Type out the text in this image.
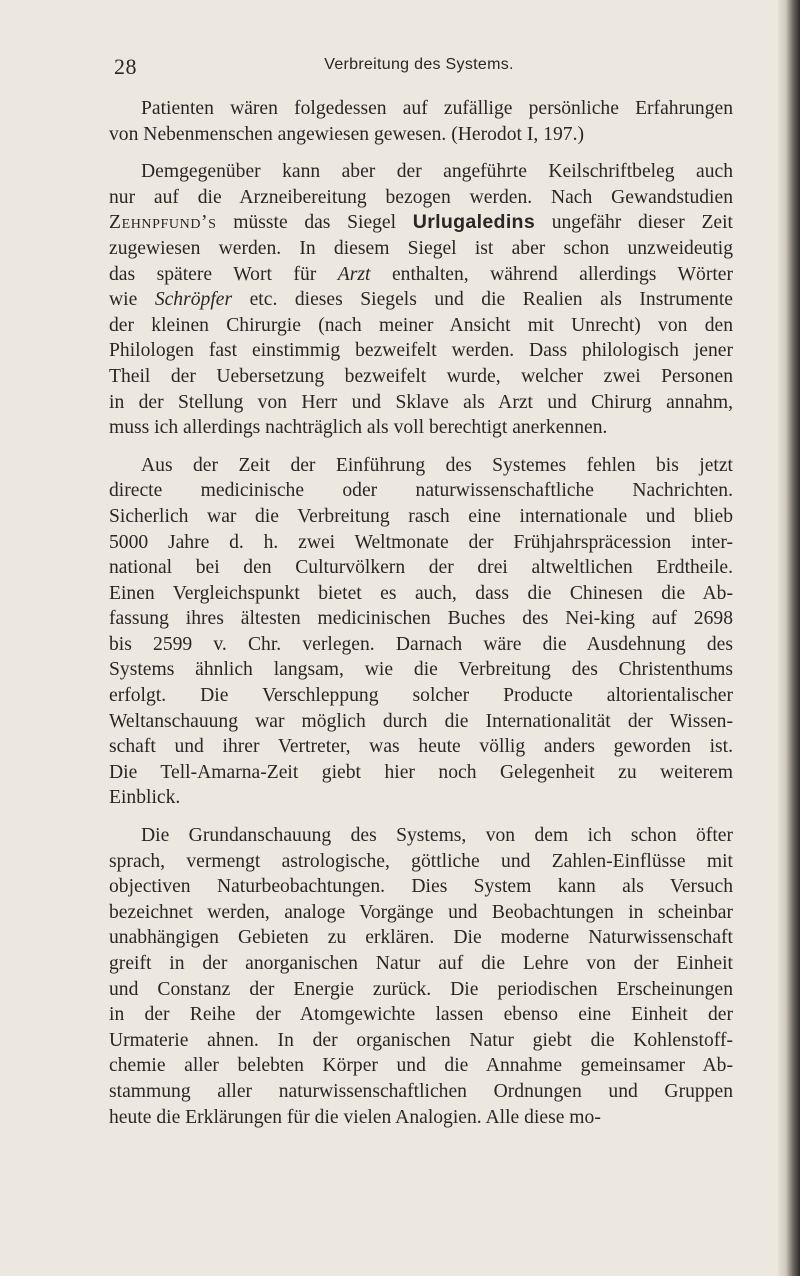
28	Verbreitung des Systems.

Patienten wären folgedessen auf zufällige persönliche Erfahrungen
von Nebenmenschen angewiesen gewesen. (Herodot I, 197.)

Demgegenüber kann aber der angeführte Keilschriftbeleg auch
nur auf die Arzneibereitung bezogen werden. Nach Gewandstudien
Zehnpfund’s müsste das Siegel Urlugaledins ungefähr dieser Zeit
zugewiesen werden. In diesem Siegel ist aber schon unzweideutig
das spätere Wort für Arzt enthalten, während allerdings Wörter
wie Schröpfer etc. dieses Siegels und die Realien als Instrumente
der kleinen Chirurgie (nach meiner Ansicht mit Unrecht) von den
Philologen fast einstimmig bezweifelt werden. Dass philologisch jener
Theil der Uebersetzung bezweifelt wurde, welcher zwei Personen
in der Stellung von Herr und Sklave als Arzt und Chirurg annahm,
muss ich allerdings nachträglich als voll berechtigt anerkennen.

Aus der Zeit der Einführung des Systemes fehlen bis jetzt
directe medicinische oder naturwissenschaftliche Nachrichten.
Sicherlich war die Verbreitung rasch eine internationale und blieb
5000 Jahre d. h. zwei Weltmonate der Frühjahrspräcession inter-
national bei den Culturvölkern der drei altweltlichen Erdtheile.
Einen Vergleichspunkt bietet es auch, dass die Chinesen die Ab-
fassung ihres ältesten medicinischen Buches des Nei-king auf 2698
bis 2599 v. Chr. verlegen. Darnach wäre die Ausdehnung des
Systems ähnlich langsam, wie die Verbreitung des Christenthums
erfolgt. Die Verschleppung solcher Producte altorientalischer
Weltanschauung war möglich durch die Internationalität der Wissen-
schaft und ihrer Vertreter, was heute völlig anders geworden ist.
Die Tell-Amarna-Zeit giebt hier noch Gelegenheit zu weiterem
Einblick.

Die Grundanschauung des Systems, von dem ich schon öfter
sprach, vermengt astrologische, göttliche und Zahlen-Einflüsse mit
objectiven Naturbeobachtungen. Dies System kann als Versuch
bezeichnet werden, analoge Vorgänge und Beobachtungen in scheinbar
unabhängigen Gebieten zu erklären. Die moderne Naturwissenschaft
greift in der anorganischen Natur auf die Lehre von der Einheit
und Constanz der Energie zurück. Die periodischen Erscheinungen
in der Reihe der Atomgewichte lassen ebenso eine Einheit der
Urmaterie ahnen. In der organischen Natur giebt die Kohlenstoff-
chemie aller belebten Körper und die Annahme gemeinsamer Ab-
stammung aller naturwissenschaftlichen Ordnungen und Gruppen
heute die Erklärungen für die vielen Analogien. Alle diese mo-
